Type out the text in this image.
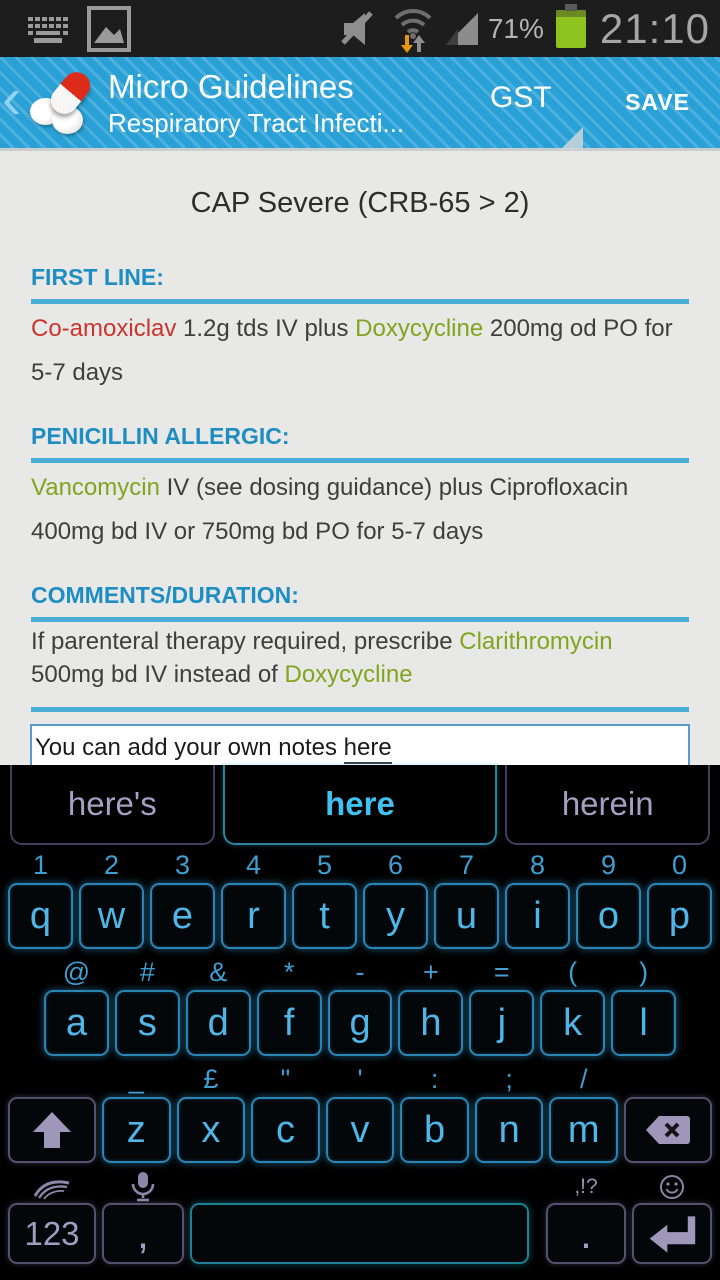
71% 21:10
‹	Micro Guidelines
Respiratory Tract Infecti...
GST	SAVE
CAP Severe (CRB-65 > 2)
FIRST LINE:
Co-amoxiclav 1.2g tds IV plus Doxycycline 200mg od PO for 5-7 days
PENICILLIN ALLERGIC:
Vancomycin IV (see dosing guidance) plus Ciprofloxacin 400mg bd IV or 750mg bd PO for 5-7 days
COMMENTS/DURATION:
If parenteral therapy required, prescribe Clarithromycin 500mg bd IV instead of Doxycycline
You can add your own notes here
here's	here	herein
1
q
2
w
3
e
4
r
5
t
6
y
7
u
8
i
9
o
0
p
@
a
#
s
&
d
*
f
-
g
+
h
=
j
(
k
)
l
_
z
£
x
"
c
'
v
:
b
;
n
/
m
123	,
,!?
.
